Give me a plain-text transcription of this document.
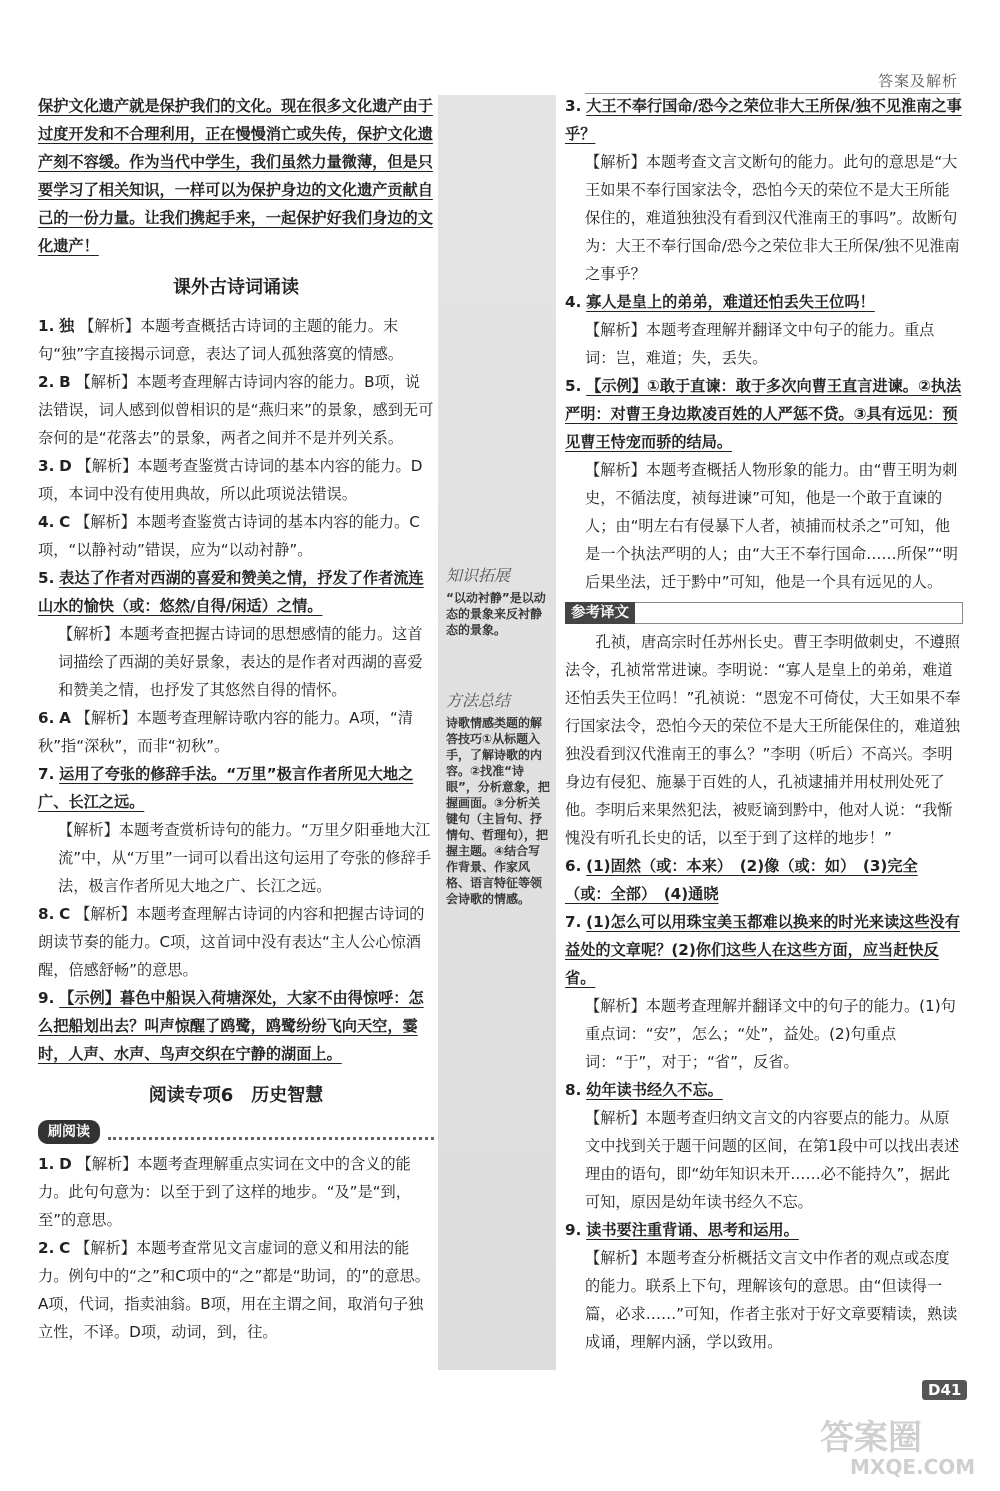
答案及解析

保护文化遗产就是保护我们的文化。现在很多文化遗产由于过度开发和不合理利用，正在慢慢消亡或失传，保护文化遗产刻不容缓。作为当代中学生，我们虽然力量微薄，但是只要学习了相关知识，一样可以为保护身边的文化遗产贡献自己的一份力量。让我们携起手来，一起保护好我们身边的文化遗产！

课外古诗词诵读

1. 独 【解析】本题考查概括古诗词的主题的能力。末句“独”字直接揭示词意，表达了词人孤独落寞的情感。

2. B 【解析】本题考查理解古诗词内容的能力。B项，说法错误，词人感到似曾相识的是“燕归来”的景象，感到无可奈何的是“花落去”的景象，两者之间并不是并列关系。

3. D 【解析】本题考查鉴赏古诗词的基本内容的能力。D项，本词中没有使用典故，所以此项说法错误。

4. C 【解析】本题考查鉴赏古诗词的基本内容的能力。C项，“以静衬动”错误，应为“以动衬静”。

5. 表达了作者对西湖的喜爱和赞美之情，抒发了作者流连山水的愉快（或：悠然/自得/闲适）之情。

【解析】本题考查把握古诗词的思想感情的能力。这首词描绘了西湖的美好景象，表达的是作者对西湖的喜爱和赞美之情，也抒发了其悠然自得的情怀。

6. A 【解析】本题考查理解诗歌内容的能力。A项，“清秋”指“深秋”，而非“初秋”。

7. 运用了夸张的修辞手法。“万里”极言作者所见大地之广、长江之远。

【解析】本题考查赏析诗句的能力。“万里夕阳垂地大江流”中，从“万里”一词可以看出这句运用了夸张的修辞手法，极言作者所见大地之广、长江之远。

8. C 【解析】本题考查理解古诗词的内容和把握古诗词的朗读节奏的能力。C项，这首词中没有表达“主人公心惊酒醒，倍感舒畅”的意思。

9. 【示例】暮色中船误入荷塘深处，大家不由得惊呼：怎么把船划出去？叫声惊醒了鸥鹭，鸥鹭纷纷飞向天空，霎时，人声、水声、鸟声交织在宁静的湖面上。

阅读专项6　历史智慧
刷阅读

1. D 【解析】本题考查理解重点实词在文中的含义的能力。此句句意为：以至于到了这样的地步。“及”是“到，至”的意思。

2. C 【解析】本题考查常见文言虚词的意义和用法的能力。例句中的“之”和C项中的“之”都是“助词，的”的意思。A项，代词，指卖油翁。B项，用在主谓之间，取消句子独立性，不译。D项，动词，到，往。

知识拓展
“以动衬静”是以动态的景象来反衬静态的景象。
方法总结
诗歌情感类题的解答技巧①从标题入手，了解诗歌的内容。②找准“诗眼”，分析意象，把握画面。③分析关键句（主旨句、抒情句、哲理句），把握主题。④结合写作背景、作家风格、语言特征等领会诗歌的情感。

3. 大王不奉行国命/恐今之荣位非大王所保/独不见淮南之事乎？

【解析】本题考查文言文断句的能力。此句的意思是“大王如果不奉行国家法令，恐怕今天的荣位不是大王所能保住的，难道独独没有看到汉代淮南王的事吗”。故断句为：大王不奉行国命/恐今之荣位非大王所保/独不见淮南之事乎？

4. 寡人是皇上的弟弟，难道还怕丢失王位吗！

【解析】本题考查理解并翻译文中句子的能力。重点词：岂，难道；失，丢失。

5. 【示例】①敢于直谏：敢于多次向曹王直言进谏。②执法严明：对曹王身边欺凌百姓的人严惩不贷。③具有远见：预见曹王恃宠而骄的结局。

【解析】本题考查概括人物形象的能力。由“曹王明为刺史，不循法度，祯每进谏”可知，他是一个敢于直谏的人；由“明左右有侵暴下人者，祯捕而杖杀之”可知，他是一个执法严明的人；由“大王不奉行国命……所保”“明后果坐法，迁于黔中”可知，他是一个具有远见的人。

参考译文

孔祯，唐高宗时任苏州长史。曹王李明做刺史，不遵照法令，孔祯常常进谏。李明说：“寡人是皇上的弟弟，难道还怕丢失王位吗！”孔祯说：“恩宠不可倚仗，大王如果不奉行国家法令，恐怕今天的荣位不是大王所能保住的，难道独独没看到汉代淮南王的事么？”李明（听后）不高兴。李明身边有侵犯、施暴于百姓的人，孔祯逮捕并用杖刑处死了他。李明后来果然犯法，被贬谪到黔中，他对人说：“我惭愧没有听孔长史的话，以至于到了这样的地步！”

6. (1)固然（或：本来）　(2)像（或：如）　(3)完全（或：全部）　(4)通晓

7. (1)怎么可以用珠宝美玉都难以换来的时光来读这些没有益处的文章呢？(2)你们这些人在这些方面，应当赶快反省。

【解析】本题考查理解并翻译文中的句子的能力。(1)句重点词：“安”，怎么；“处”，益处。(2)句重点词：“于”，对于；“省”，反省。

8. 幼年读书经久不忘。

【解析】本题考查归纳文言文的内容要点的能力。从原文中找到关于题干问题的区间，在第1段中可以找出表述理由的语句，即“幼年知识未开……必不能持久”，据此可知，原因是幼年读书经久不忘。

9. 读书要注重背诵、思考和运用。

【解析】本题考查分析概括文言文中作者的观点或态度的能力。联系上下句，理解该句的意思。由“但读得一篇，必求……”可知，作者主张对于好文章要精读，熟读成诵，理解内涵，学以致用。

D41
答案圈
MXQE.COM
